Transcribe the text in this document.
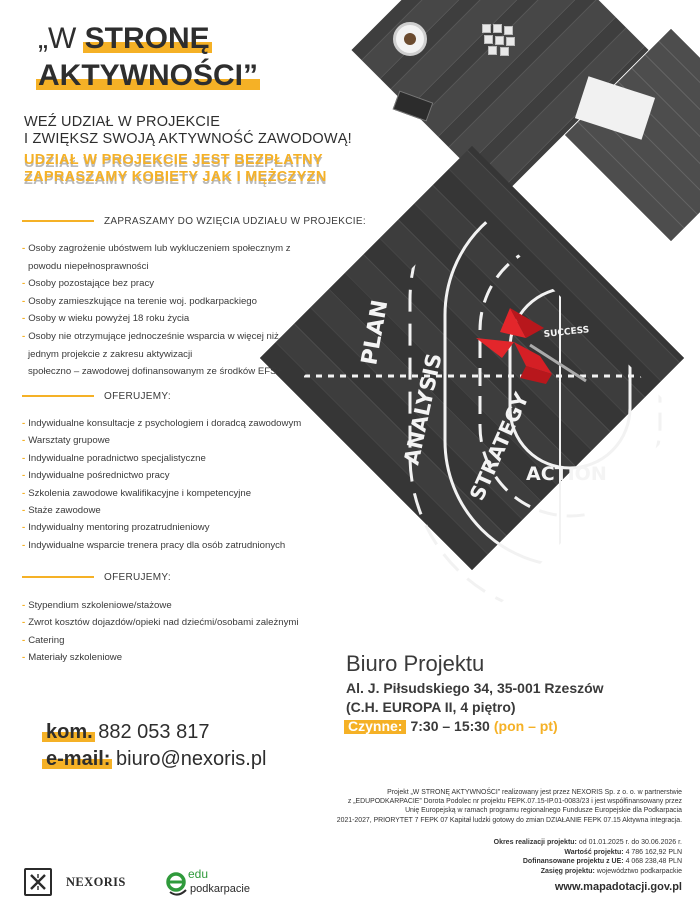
PLAN
ANALYSIS STRATEGY
ACTION
SUCCESS
„W STRONĘ
AKTYWNOŚCI”
WEŹ UDZIAŁ W PROJEKCIE
I ZWIĘKSZ SWOJĄ AKTYWNOŚĆ ZAWODOWĄ!
UDZIAŁ W PROJEKCIE JEST BEZPŁATNY
ZAPRASZAMY KOBIETY JAK I MĘŻCZYZN
ZAPRASZAMY DO WZIĘCIA UDZIAŁU W PROJEKCIE:
- Osoby zagrożenie ubóstwem lub wykluczeniem społecznym z
powodu niepełnosprawności
- Osoby pozostające bez pracy
- Osoby zamieszkujące na terenie woj. podkarpackiego
- Osoby w wieku powyżej 18 roku życia
- Osoby nie otrzymujące jednocześnie wsparcia w więcej niż
jednym projekcie z zakresu aktywizacji
społeczno – zawodowej dofinansowanym ze środków EFS+
OFERUJEMY:
- Indywidualne konsultacje z psychologiem i doradcą zawodowym
- Warsztaty grupowe
- Indywidualne poradnictwo specjalistyczne
- Indywidualne pośrednictwo pracy
- Szkolenia zawodowe kwalifikacyjne i kompetencyjne
- Staże zawodowe
- Indywidualny mentoring prozatrudnieniowy
- Indywidualne wsparcie trenera pracy dla osób zatrudnionych
OFERUJEMY:
- Stypendium szkoleniowe/stażowe
- Zwrot kosztów dojazdów/opieki nad dziećmi/osobami zależnymi
- Catering
- Materiały szkoleniowe	Biuro Projektu
Al. J. Piłsudskiego 34, 35-001 Rzeszów
(C.H. EUROPA II, 4 piętro)
Czynne: 7:30 – 15:30 (pon – pt)
kom. 882 053 817
e-mail: biuro@nexoris.pl
Projekt „W STRONĘ AKTYWNOŚCI” realizowany jest przez NEXORIS Sp. z o. o. w partnerstwie
z „EDUPODKARPACIE” Dorota Podolec nr projektu FEPK.07.15-IP.01-0083/23 i jest współfinansowany przez
Unię Europejską w ramach programu regionalnego Fundusze Europejskie dla Podkarpacia
2021-2027, PRIORYTET 7 FEPK 07 Kapitał ludzki gotowy do zmian DZIAŁANIE FEPK 07.15 Aktywna integracja.
Okres realizacji projektu: od 01.01.2025 r. do 30.06.2026 r.
Wartość projektu: 4 786 162,92 PLN
Dofinansowane projektu z UE: 4 068 238,48 PLN
Zasięg projektu: województwo podkarpackie
www.mapadotacji.gov.pl
NEXORIS
edu
podkarpacie
